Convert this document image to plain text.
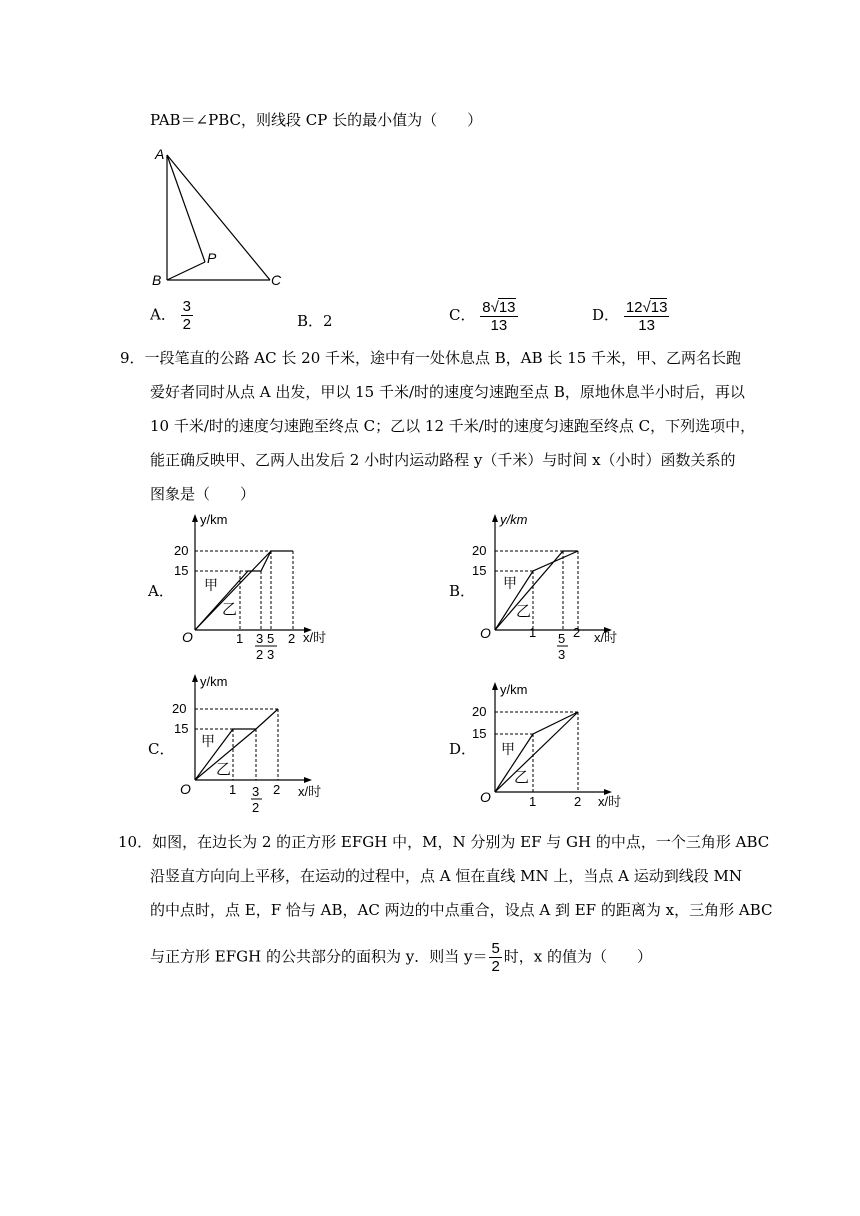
PAB＝∠PBC，则线段 CP 长的最小值为（　　）
A
B
P
C
A． $\frac{3}{2}$	B．2	C． $\frac{8√13}{13}$	D． $\frac{12√13}{13}$
9．一段笔直的公路 AC 长 20 千米，途中有一处休息点 B，AB 长 15 千米，甲、乙两名长跑
爱好者同时从点 A 出发，甲以 15 千米/时的速度匀速跑至点 B，原地休息半小时后，再以
10 千米/时的速度匀速跑至终点 C；乙以 12 千米/时的速度匀速跑至终点 C，下列选项中，
能正确反映甲、乙两人出发后 2 小时内运动路程 y（千米）与时间 x（小时）函数关系的
图象是（　　）
A．	B．
C．	D．
y/km
x/时
O
20
15
甲
乙
1 3
2
5
3
2
y/km
x/时
O
20
15
甲
乙
1 5
3
2
y/km
x/时
O
20
15
甲
乙
1 3
2
2
y/km
x/时
O
20
15
甲
乙
1	2
10．如图，在边长为 2 的正方形 EFGH 中，M，N 分别为 EF 与 GH 的中点，一个三角形 ABC
沿竖直方向向上平移，在运动的过程中，点 A 恒在直线 MN 上，当点 A 运动到线段 MN
的中点时，点 E，F 恰与 AB，AC 两边的中点重合，设点 A 到 EF 的距离为 x，三角形 ABC
与正方形 EFGH 的公共部分的面积为 y．则当 $y= \frac{5}{2}$ 时，x 的值为（　　）
